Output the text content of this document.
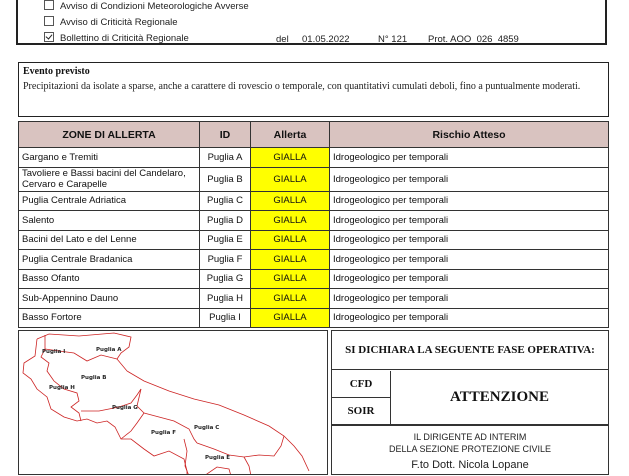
Avviso di Condizioni Meteorologiche Avverse
Avviso di Criticità Regionale
Bollettino di Criticità Regionale	del 01.05.2022	N° 121 Prot. AOO_026_4859
Evento previsto
Precipitazioni da isolate a sparse, anche a carattere di rovescio o temporale, con quantitativi cumulati deboli, fino a puntualmente moderati.
ZONE DI ALLERTA	ID	Allerta	Rischio Atteso
Gargano e Tremiti	Puglia A	GIALLA	Idrogeologico per temporali
Tavoliere e Bassi bacini del Candelaro, Cervaro e Carapelle	Puglia B	GIALLA	Idrogeologico per temporali
Puglia Centrale Adriatica	Puglia C	GIALLA	Idrogeologico per temporali
Salento	Puglia D	GIALLA	Idrogeologico per temporali
Bacini del Lato e del Lenne	Puglia E	GIALLA	Idrogeologico per temporali
Puglia Centrale Bradanica	Puglia F	GIALLA	Idrogeologico per temporali
Basso Ofanto	Puglia G	GIALLA	Idrogeologico per temporali
Sub-Appennino Dauno	Puglia H	GIALLA	Idrogeologico per temporali
Basso Fortore	Puglia I	GIALLA	Idrogeologico per temporali
Puglia I	Puglia A
Puglia B
Puglia H
Puglia G
Puglia C
Puglia F
Puglia E
SI DICHIARA LA SEGUENTE FASE OPERATIVA:
CFD
SOIR
ATTENZIONE
IL DIRIGENTE AD INTERIM
DELLA SEZIONE PROTEZIONE CIVILE
F.to Dott. Nicola Lopane
